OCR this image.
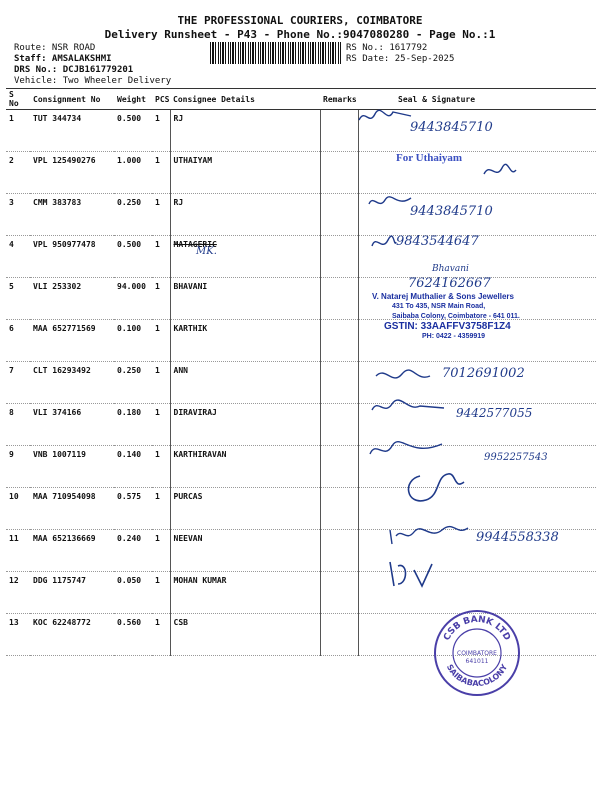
THE PROFESSIONAL COURIERS, COIMBATORE
Delivery Runsheet - P43 - Phone No.:9047080280 - Page No.:1
Route: NSR ROAD
Staff: AMSALAKSHMI
DRS No.: DCJB161779201
Vehicle: Two Wheeler Delivery
RS No.: 1617792
RS Date: 25-Sep-2025
S No	Consignment No	Weight	PCS	Consignee Details	Remarks	Seal & Signature
1	TUT 344734	0.500	1	RJ		
2	VPL 125490276	1.000	1	UTHAIYAM		
3	CMM 383783	0.250	1	RJ		
4	VPL 950977478	0.500	1	MATAGERIC		
5	VLI 253302	94.000	1	BHAVANI		
6	MAA 652771569	0.100	1	KARTHIK		
7	CLT 16293492	0.250	1	ANN		
8	VLI 374166	0.180	1	DIRAVIRAJ		
9	VNB 1007119	0.140	1	KARTHIRAVAN		
10	MAA 710954098	0.575	1	PURCAS		
11	MAA 652136669	0.240	1	NEEVAN		
12	DDG 1175747	0.050	1	MOHAN KUMAR		
13	KOC 62248772	0.560	1	CSB		
9443845710
For Uthaiyam
9443845710
MK.
9843544647
Bhavani
7624162667
V. Natarej Muthalier & Sons Jewellers
431 To 435, NSR Main Road,
Saibaba Colony, Coimbatore - 641 011.
GSTIN: 33AAFFV3758F1Z4
PH: 0422 - 4359919
7012691002
9442577055
9952257543
9944558338
CSB BANK LTD
SAIBABACOLONY
COIMBATORE
641011
